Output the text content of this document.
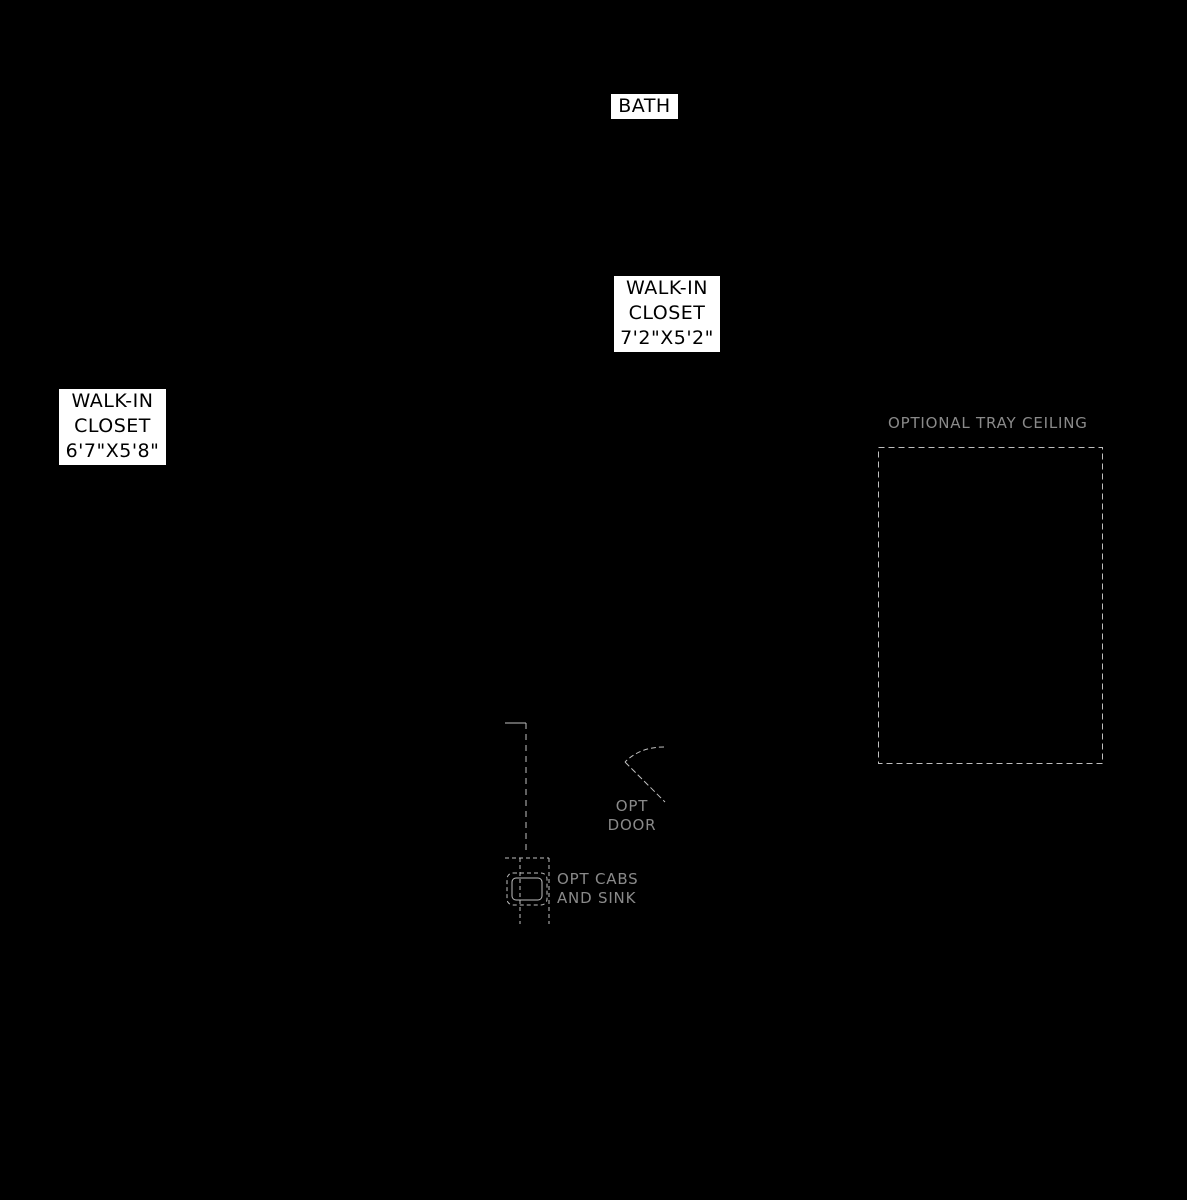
BATH
WALK-IN
CLOSET
7'2"X5'2"
WALK-IN
CLOSET
6'7"X5'8"
OPTIONAL TRAY CEILING
OPT
DOOR
OPT CABS
AND SINK
